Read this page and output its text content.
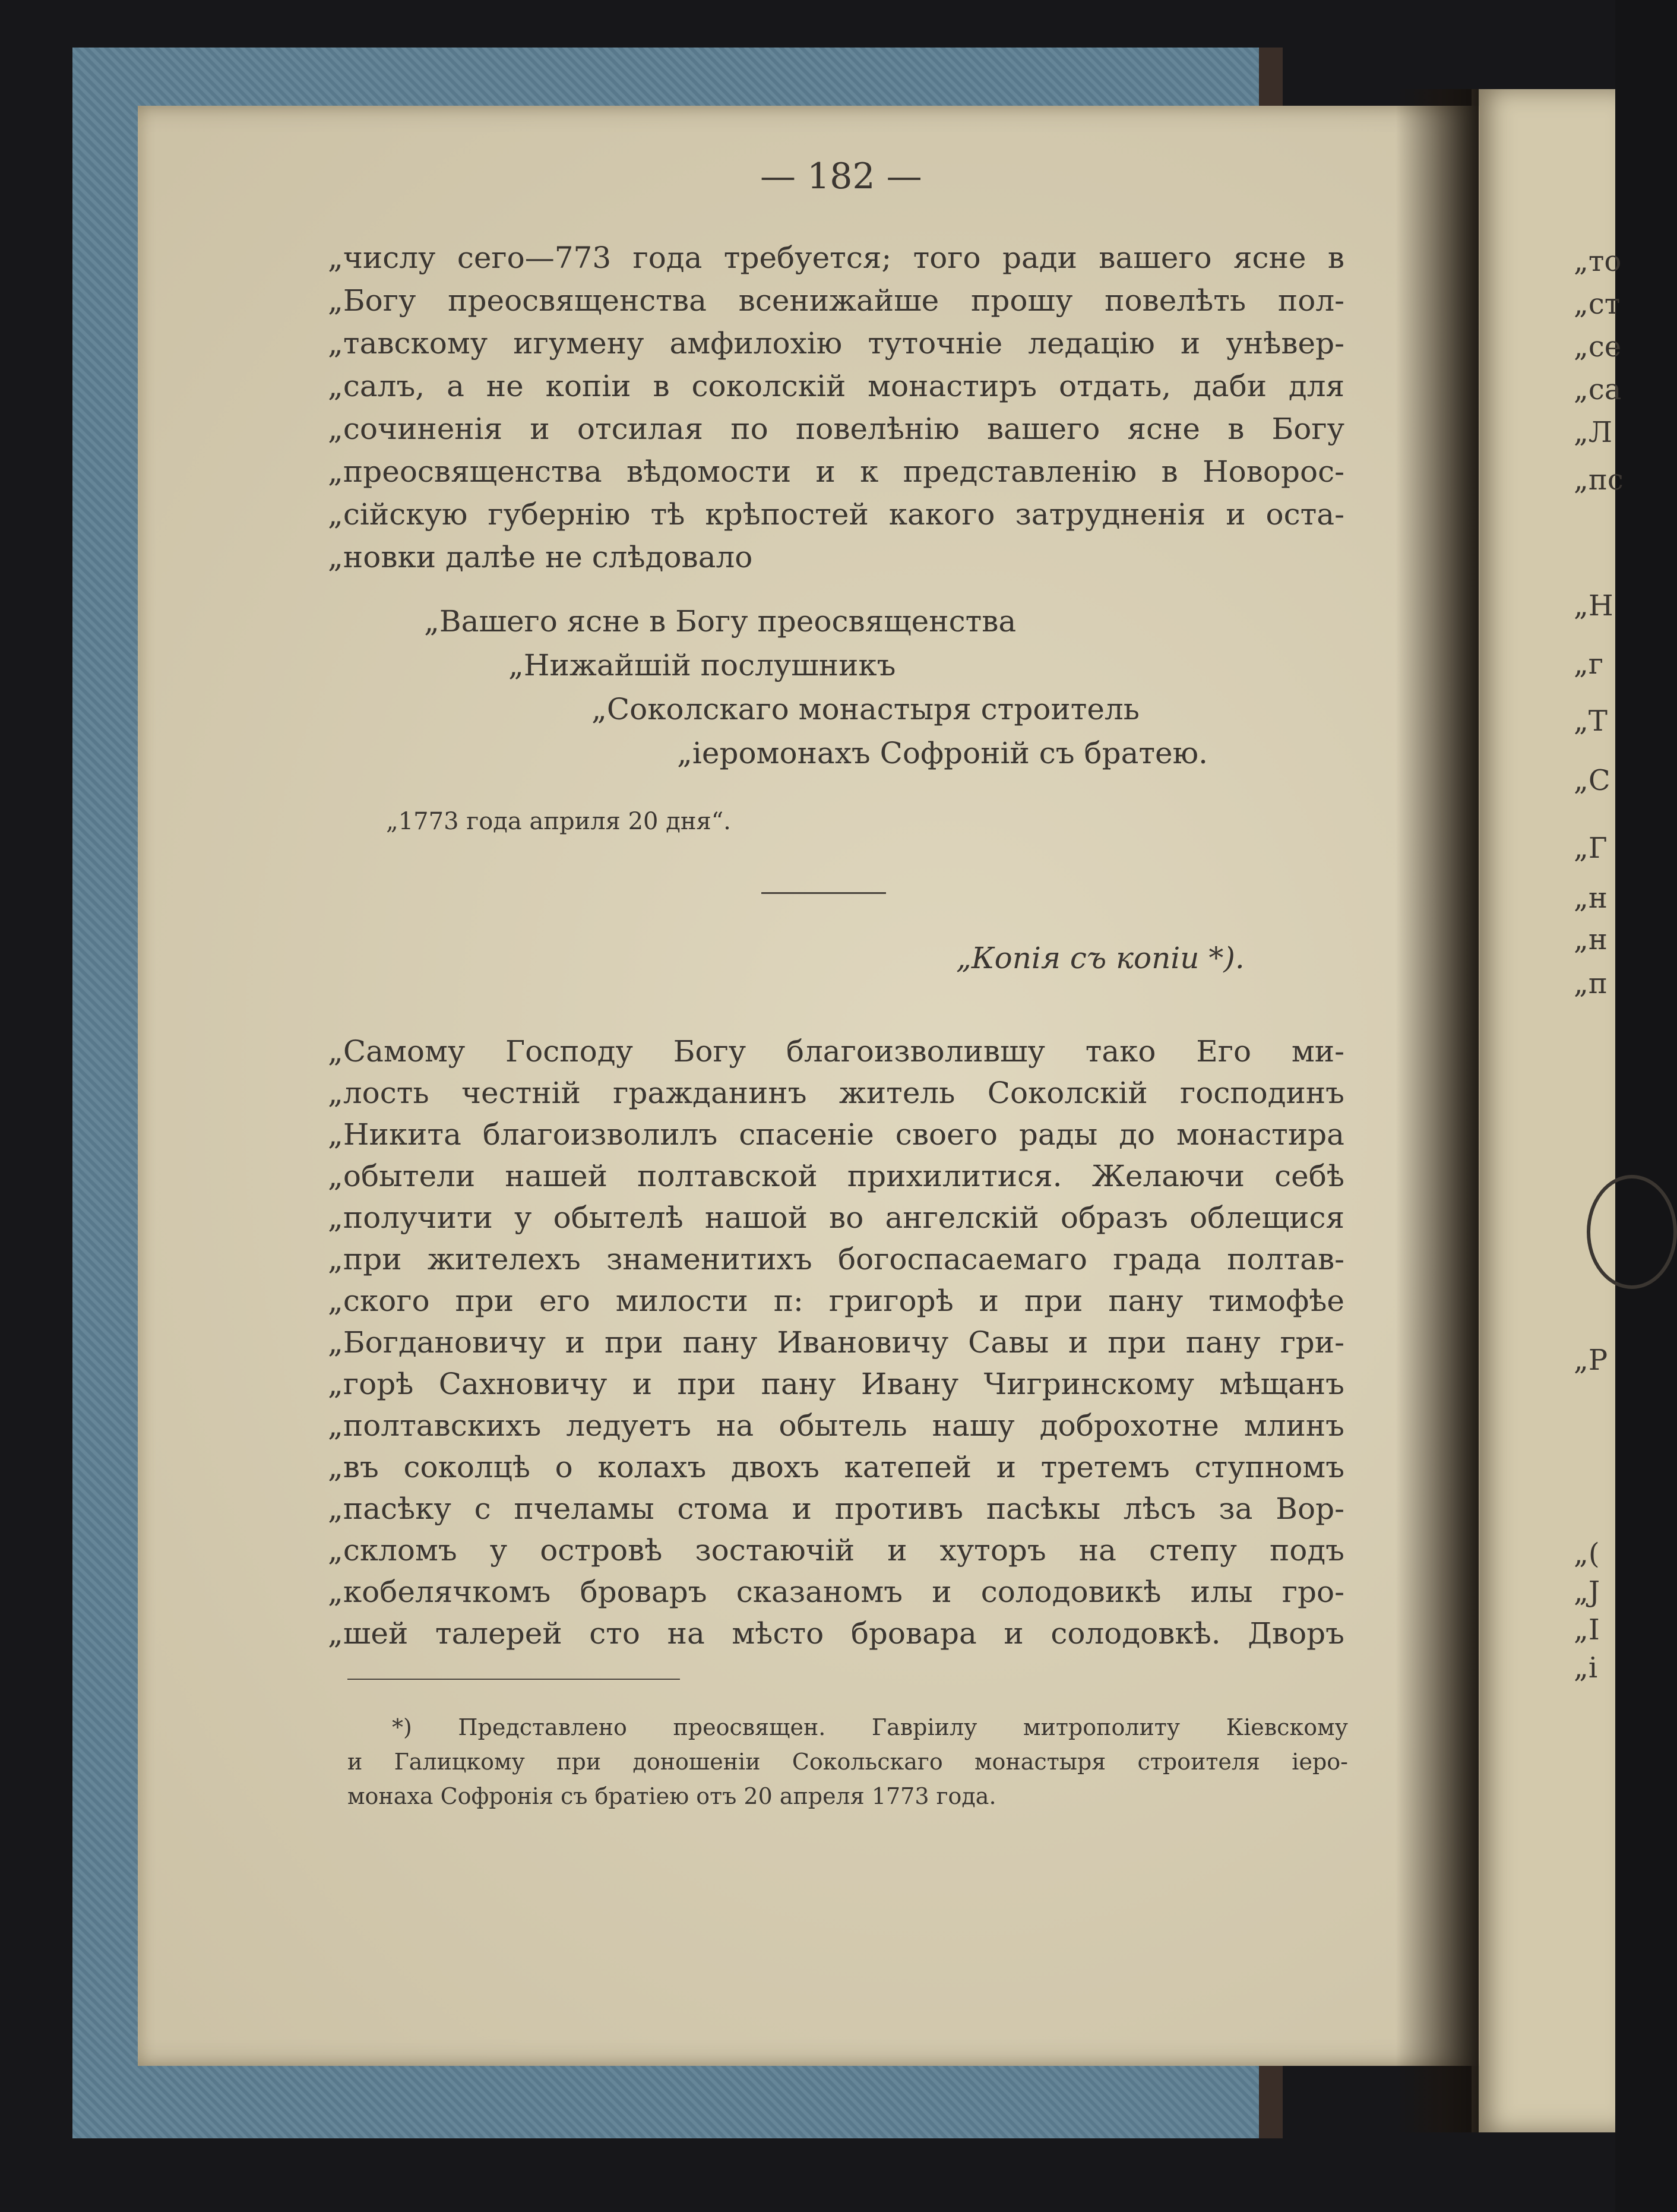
— 182 —
„числу сего—773 года требуется; того ради вашего ясне в
„Богу преосвященства всенижайше прошу повелѣть пол-
„тавскому игумену амфилохію туточніе ледацію и унѣвер-
„салъ, а не копіи в соколскій монастиръ отдать, даби для
„сочиненія и отсилая по повелѣнію вашего ясне в Богу
„преосвященства вѣдомости и к представленію в Новорос-
„сійскую губернію тѣ крѣпостей какого затрудненія и оста-
„новки далѣе не слѣдовало
„Вашего ясне в Богу преосвященства
„Нижайшій послушникъ
„Соколскаго монастыря строитель
„іеромонахъ Софроній съ братею.
„1773 года априля 20 дня“.
„Копія съ копіи *).
„Самому Господу Богу благоизволившу тако Его ми-
„лость честній гражданинъ житель Соколскій господинъ
„Никита благоизволилъ спасеніе своего рады до монастира
„обытели нашей полтавской прихилитися. Желаючи себѣ
„получити у обытелѣ нашой во ангелскій образъ облещися
„при жителехъ знаменитихъ богоспасаемаго града полтав-
„ского при его милости п: григорѣ и при пану тимофѣе
„Богдановичу и при пану Ивановичу Савы и при пану гри-
„горѣ Сахновичу и при пану Ивану Чигринскому мѣщанъ
„полтавскихъ ледуетъ на обытель нашу доброхотне млинъ
„въ соколцѣ о колахъ двохъ катепей и третемъ ступномъ
„пасѣку с пчеламы стома и противъ пасѣкы лѣсъ за Вор-
„скломъ у островѣ зостаючій и хуторъ на степу подъ
„кобелячкомъ броваръ сказаномъ и солодовикѣ илы гро-
„шей талерей сто на мѣсто бровара и солодовкѣ. Дворъ
*) Представлено преосвящен. Гавріилу митрополиту Кіевскому
и Галицкому при доношеніи Сокольскаго монастыря строителя іеро-
монаха Софронія съ братіею отъ 20 апреля 1773 года.
„то
„ст
„се
„са
„Л
„пс
„Н
„г
„Т
„С
„Г
„н
„н
„п
„Р
„(
„J
„I
„і
